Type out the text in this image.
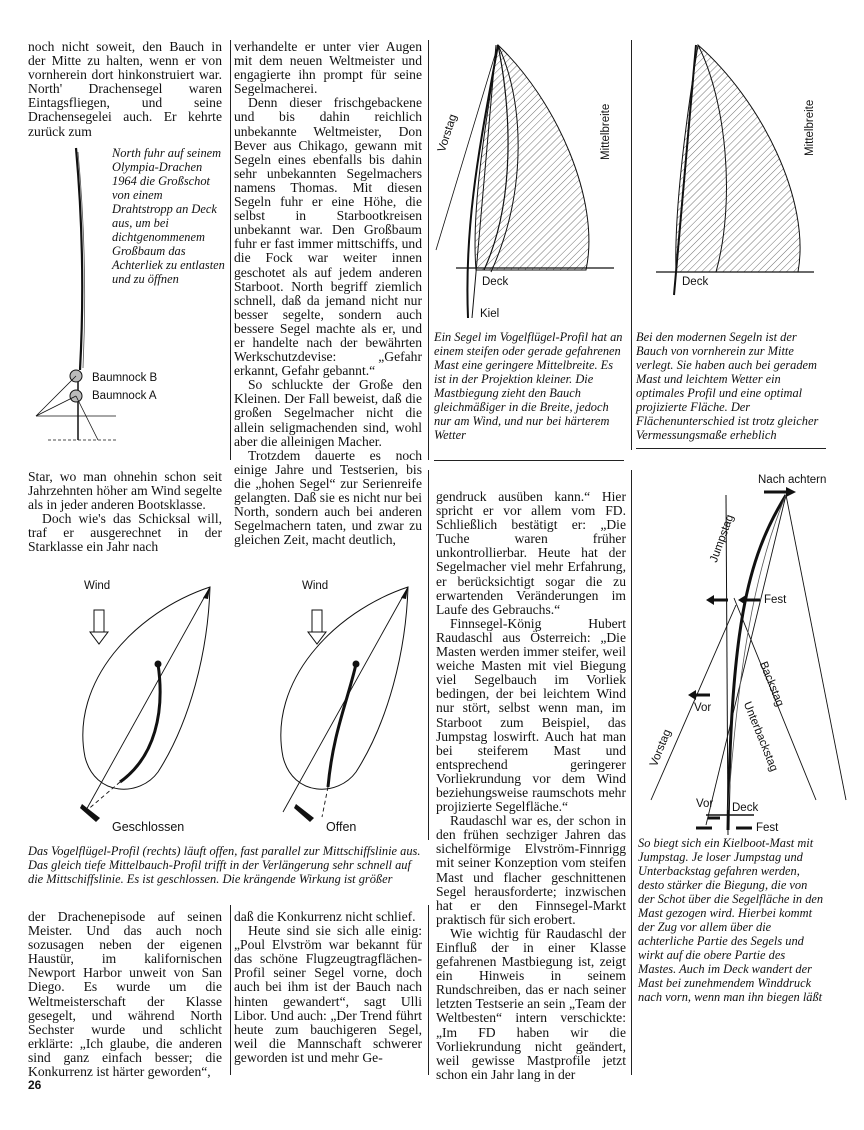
noch nicht soweit, den Bauch in der Mitte zu halten, wenn er von vornherein dort hinkonstruiert war. North' Drachensegel waren Eintagsfliegen, und seine Drachensegelei auch. Er kehrte zurück zum

North fuhr auf seinem Olympia-Drachen 1964 die Großschot von einem Drahtstropp an Deck aus, um bei dichtgenommenem Großbaum das Achterliek zu entlasten und zu öffnen
Baumnock B
Baumnock A

Star, wo man ohnehin schon seit Jahrzehnten höher am Wind segelte als in jeder anderen Bootsklasse.

Doch wie's das Schicksal will, traf er ausgerechnet in der Starklasse ein Jahr nach

verhandelte er unter vier Augen mit dem neuen Weltmeister und engagierte ihn prompt für seine Segelmacherei.

Denn dieser frischgebackene und bis dahin reichlich unbekannte Weltmeister, Don Bever aus Chikago, gewann mit Segeln eines ebenfalls bis dahin sehr unbekannten Segelmachers namens Thomas. Mit diesen Segeln fuhr er eine Höhe, die selbst in Starbootkreisen unbekannt war. Den Großbaum fuhr er fast immer mittschiffs, und die Fock war weiter innen geschotet als auf jedem anderen Starboot. North begriff ziemlich schnell, daß da jemand nicht nur besser segelte, sondern auch bessere Segel machte als er, und er handelte nach der bewährten Werkschutzdevise: „Gefahr erkannt, Gefahr gebannt.“

So schluckte der Große den Kleinen. Der Fall beweist, daß die großen Segelmacher nicht die allein seligmachenden sind, wohl aber die alleinigen Macher.

Trotzdem dauerte es noch einige Jahre und Testserien, bis die „hohen Segel“ zur Serienreife gelangten. Daß sie es nicht nur bei North, sondern auch bei anderen Segelmachern taten, und zwar zu gleichen Zeit, macht deutlich,

Wind
Geschlossen
Wind
Offen
Das Vogelflügel-Profil (rechts) läuft offen, fast parallel zur Mittschiffslinie aus. Das gleich tiefe Mittelbauch-Profil trifft in der Verlängerung sehr schnell auf die Mittschiffslinie. Es ist geschlossen. Die krängende Wirkung ist größer

der Drachenepisode auf seinen Meister. Und das auch noch sozusagen neben der eigenen Haustür, im kalifornischen Newport Harbor unweit von San Diego. Es wurde um die Weltmeisterschaft der Klasse gesegelt, und während North Sechster wurde und schlicht erklärte: „Ich glaube, die anderen sind ganz einfach besser; die Konkurrenz ist härter geworden“,

daß die Konkurrenz nicht schlief.

Heute sind sie sich alle einig: „Poul Elvström war bekannt für das schöne Flugzeugtragflächen-Profil seiner Segel vorne, doch auch bei ihm ist der Bauch nach hinten gewandert“, sagt Ulli Libor. Und auch: „Der Trend führt heute zum bauchigeren Segel, weil die Mannschaft schwerer geworden ist und mehr Ge-

Vorstag	Mittelbreite
Deck
Kiel
Ein Segel im Vogelflügel-Profil hat an einem steifen oder gerade gefahrenen Mast eine geringere Mittelbreite. Es ist in der Projektion kleiner. Die Mastbiegung zieht den Bauch gleichmäßiger in die Breite, jedoch nur am Wind, und nur bei härterem Wetter
Mittelbreite
Deck
Bei den modernen Segeln ist der Bauch von vornherein zur Mitte verlegt. Sie haben auch bei geradem Mast und leichtem Wetter ein optimales Profil und eine optimal projizierte Fläche. Der Flächenunterschied ist trotz gleicher Vermessungsmaße erheblich

gendruck ausüben kann.“ Hier spricht er vor allem vom FD. Schließlich bestätigt er: „Die Tuche waren früher unkontrollierbar. Heute hat der Segelmacher viel mehr Erfahrung, er berücksichtigt sogar die zu erwartenden Veränderungen im Laufe des Gebrauchs.“

Finnsegel-König Hubert Raudaschl aus Österreich: „Die Masten werden immer steifer, weil weiche Masten mit viel Biegung viel Segelbauch im Vorliek bedingen, der bei leichtem Wind nur stört, selbst wenn man, im Starboot zum Beispiel, das Jumpstag loswirft. Auch hat man bei steiferem Mast und entsprechend geringerer Vorliekrundung vor dem Wind beziehungsweise raumschots mehr projizierte Segelfläche.“

Raudaschl war es, der schon in den frühen sechziger Jahren das sichelförmige Elvström-Finnrigg mit seiner Konzeption vom steifen Mast und flacher geschnittenen Segel herausforderte; inzwischen hat er den Finnsegel-Markt praktisch für sich erobert.

Wie wichtig für Raudaschl der Einfluß der in einer Klasse gefahrenen Mastbiegung ist, zeigt ein Hinweis in seinem Rundschreiben, das er nach seiner letzten Testserie an sein „Team der Weltbesten“ intern verschickte: „Im FD haben wir die Vorliekrundung nicht geändert, weil gewisse Mastprofile jetzt schon ein Jahr lang in der

Nach achtern
Jumpstag
Fest
Backstag
Unterbackstag
Vorstag
Vor
Vor Deck
Fest
So biegt sich ein Kielboot-Mast mit Jumpstag. Je loser Jumpstag und Unterbackstag gefahren werden, desto stärker die Biegung, die von der Schot über die Segelfläche in den Mast gezogen wird. Hierbei kommt der Zug vor allem über die achterliche Partie des Segels und wirkt auf die obere Partie des Mastes. Auch im Deck wandert der Mast bei zunehmendem Winddruck nach vorn, wenn man ihn biegen läßt
26
